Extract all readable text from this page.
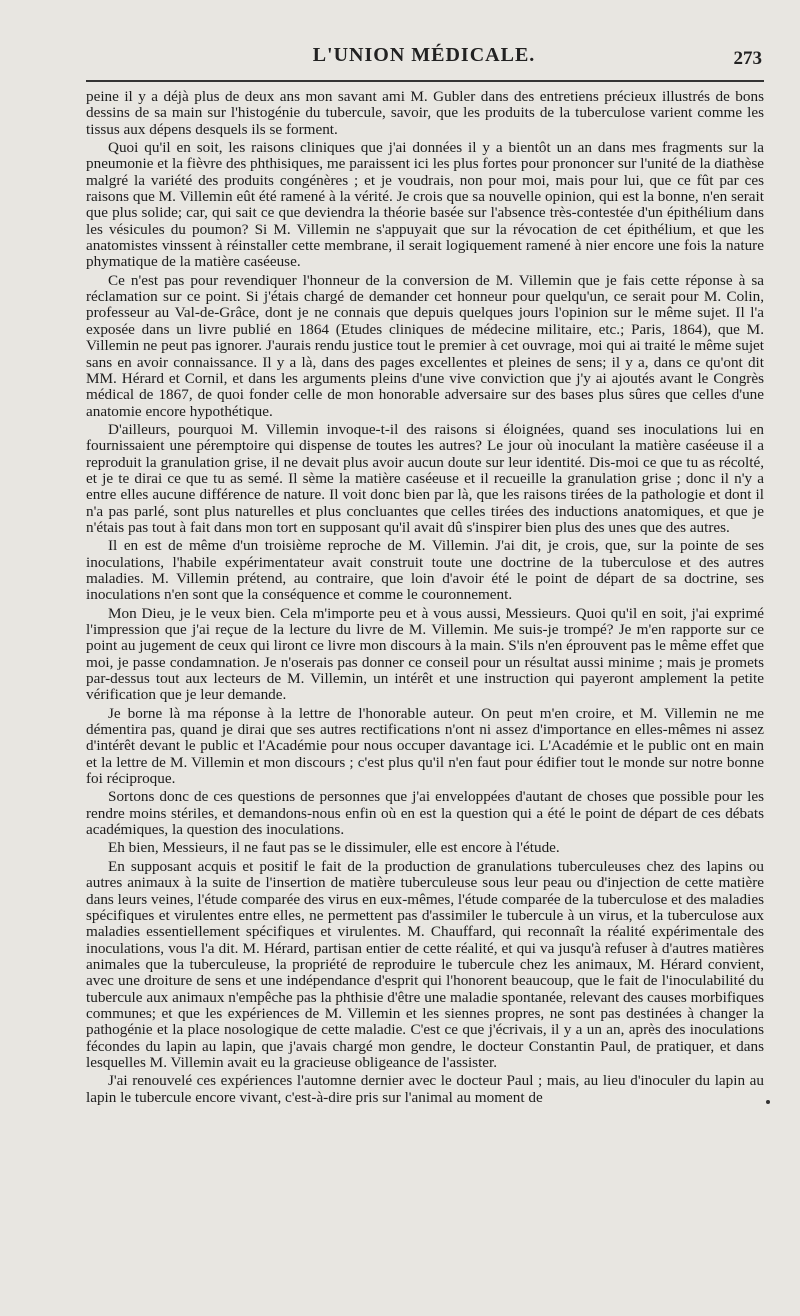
L'UNION MÉDICALE.	273

peine il y a déjà plus de deux ans mon savant ami M. Gubler dans des entretiens précieux illustrés de bons dessins de sa main sur l'histogénie du tubercule, savoir, que les produits de la tuberculose varient comme les tissus aux dépens desquels ils se forment.

Quoi qu'il en soit, les raisons cliniques que j'ai données il y a bientôt un an dans mes fragments sur la pneumonie et la fièvre des phthisiques, me paraissent ici les plus fortes pour prononcer sur l'unité de la diathèse malgré la variété des produits congénères ; et je voudrais, non pour moi, mais pour lui, que ce fût par ces raisons que M. Villemin eût été ramené à la vérité. Je crois que sa nouvelle opinion, qui est la bonne, n'en serait que plus solide; car, qui sait ce que deviendra la théorie basée sur l'absence très-contestée d'un épithélium dans les vésicules du poumon? Si M. Villemin ne s'appuyait que sur la révocation de cet épithélium, et que les anatomistes vinssent à réinstaller cette membrane, il serait logiquement ramené à nier encore une fois la nature phymatique de la matière caséeuse.

Ce n'est pas pour revendiquer l'honneur de la conversion de M. Villemin que je fais cette réponse à sa réclamation sur ce point. Si j'étais chargé de demander cet honneur pour quelqu'un, ce serait pour M. Colin, professeur au Val-de-Grâce, dont je ne connais que depuis quelques jours l'opinion sur le même sujet. Il l'a exposée dans un livre publié en 1864 (Etudes cliniques de médecine militaire, etc.; Paris, 1864), que M. Villemin ne peut pas ignorer. J'aurais rendu justice tout le premier à cet ouvrage, moi qui ai traité le même sujet sans en avoir connaissance. Il y a là, dans des pages excellentes et pleines de sens; il y a, dans ce qu'ont dit MM. Hérard et Cornil, et dans les arguments pleins d'une vive conviction que j'y ai ajoutés avant le Congrès médical de 1867, de quoi fonder celle de mon honorable adversaire sur des bases plus sûres que celles d'une anatomie encore hypothétique.

D'ailleurs, pourquoi M. Villemin invoque-t-il des raisons si éloignées, quand ses inoculations lui en fournissaient une péremptoire qui dispense de toutes les autres? Le jour où inoculant la matière caséeuse il a reproduit la granulation grise, il ne devait plus avoir aucun doute sur leur identité. Dis-moi ce que tu as récolté, et je te dirai ce que tu as semé. Il sème la matière caséeuse et il recueille la granulation grise ; donc il n'y a entre elles aucune différence de nature. Il voit donc bien par là, que les raisons tirées de la pathologie et dont il n'a pas parlé, sont plus naturelles et plus concluantes que celles tirées des inductions anatomiques, et que je n'étais pas tout à fait dans mon tort en supposant qu'il avait dû s'inspirer bien plus des unes que des autres.

Il en est de même d'un troisième reproche de M. Villemin. J'ai dit, je crois, que, sur la pointe de ses inoculations, l'habile expérimentateur avait construit toute une doctrine de la tuberculose et des autres maladies. M. Villemin prétend, au contraire, que loin d'avoir été le point de départ de sa doctrine, ses inoculations n'en sont que la conséquence et comme le couronnement.

Mon Dieu, je le veux bien. Cela m'importe peu et à vous aussi, Messieurs. Quoi qu'il en soit, j'ai exprimé l'impression que j'ai reçue de la lecture du livre de M. Villemin. Me suis-je trompé? Je m'en rapporte sur ce point au jugement de ceux qui liront ce livre mon discours à la main. S'ils n'en éprouvent pas le même effet que moi, je passe condamnation. Je n'oserais pas donner ce conseil pour un résultat aussi minime ; mais je promets par-dessus tout aux lecteurs de M. Villemin, un intérêt et une instruction qui payeront amplement la petite vérification que je leur demande.

Je borne là ma réponse à la lettre de l'honorable auteur. On peut m'en croire, et M. Villemin ne me démentira pas, quand je dirai que ses autres rectifications n'ont ni assez d'importance en elles-mêmes ni assez d'intérêt devant le public et l'Académie pour nous occuper davantage ici. L'Académie et le public ont en main et la lettre de M. Villemin et mon discours ; c'est plus qu'il n'en faut pour édifier tout le monde sur notre bonne foi réciproque.

Sortons donc de ces questions de personnes que j'ai enveloppées d'autant de choses que possible pour les rendre moins stériles, et demandons-nous enfin où en est la question qui a été le point de départ de ces débats académiques, la question des inoculations.

Eh bien, Messieurs, il ne faut pas se le dissimuler, elle est encore à l'étude.

En supposant acquis et positif le fait de la production de granulations tuberculeuses chez des lapins ou autres animaux à la suite de l'insertion de matière tuberculeuse sous leur peau ou d'injection de cette matière dans leurs veines, l'étude comparée des virus en eux-mêmes, l'étude comparée de la tuberculose et des maladies spécifiques et virulentes entre elles, ne permettent pas d'assimiler le tubercule à un virus, et la tuberculose aux maladies essentiellement spécifiques et virulentes. M. Chauffard, qui reconnaît la réalité expérimentale des inoculations, vous l'a dit. M. Hérard, partisan entier de cette réalité, et qui va jusqu'à refuser à d'autres matières animales que la tuberculeuse, la propriété de reproduire le tubercule chez les animaux, M. Hérard convient, avec une droiture de sens et une indépendance d'esprit qui l'honorent beaucoup, que le fait de l'inoculabilité du tubercule aux animaux n'empêche pas la phthisie d'être une maladie spontanée, relevant des causes morbifiques communes; et que les expériences de M. Villemin et les siennes propres, ne sont pas destinées à changer la pathogénie et la place nosologique de cette maladie. C'est ce que j'écrivais, il y a un an, après des inoculations fécondes du lapin au lapin, que j'avais chargé mon gendre, le docteur Constantin Paul, de pratiquer, et dans lesquelles M. Villemin avait eu la gracieuse obligeance de l'assister.

J'ai renouvelé ces expériences l'automne dernier avec le docteur Paul ; mais, au lieu d'inoculer du lapin au lapin le tubercule encore vivant, c'est-à-dire pris sur l'animal au moment de
